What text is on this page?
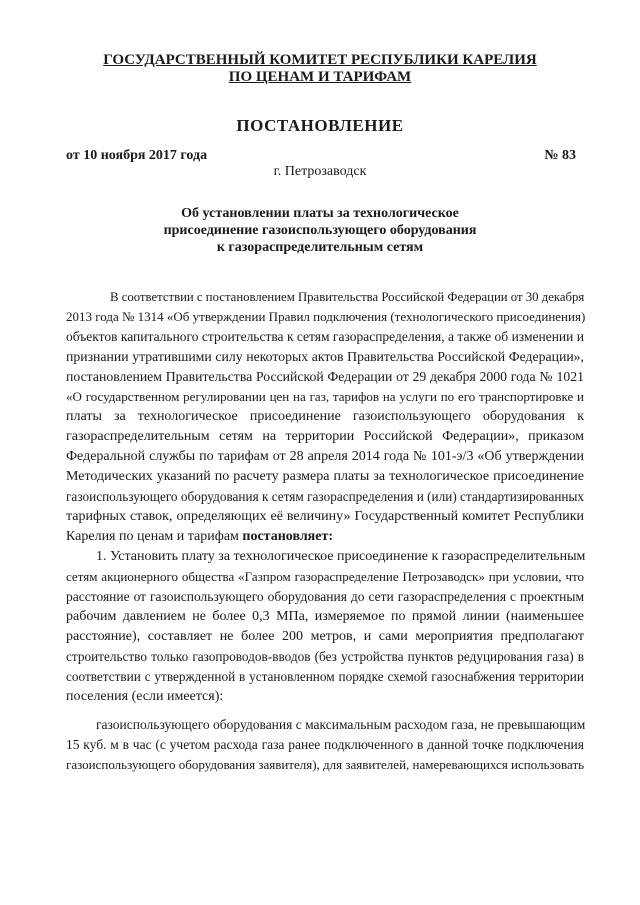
ГОСУДАРСТВЕННЫЙ КОМИТЕТ РЕСПУБЛИКИ КАРЕЛИЯ
ПО ЦЕНАМ И ТАРИФАМ
ПОСТАНОВЛЕНИЕ
от 10 ноября 2017 года	№ 83
г. Петрозаводск
Об установлении платы за технологическое
присоединение газоиспользующего оборудования
к газораспределительным сетям
В соответствии с постановлением Правительства Российской Федерации от 30 декабря
2013 года № 1314 «Об утверждении Правил подключения (технологического присоединения)
объектов капитального строительства к сетям газораспределения, а также об изменении и
признании утратившими силу некоторых актов Правительства Российской Федерации»,
постановлением Правительства Российской Федерации от 29 декабря 2000 года № 1021
«О государственном регулировании цен на газ, тарифов на услуги по его транспортировке и
платы за технологическое присоединение газоиспользующего оборудования к
газораспределительным сетям на территории Российской Федерации», приказом
Федеральной службы по тарифам от 28 апреля 2014 года № 101-э/3 «Об утверждении
Методических указаний по расчету размера платы за технологическое присоединение
газоиспользующего оборудования к сетям газораспределения и (или) стандартизированных
тарифных ставок, определяющих её величину» Государственный комитет Республики
Карелия по ценам и тарифам постановляет:
1. Установить плату за технологическое присоединение к газораспределительным
сетям акционерного общества «Газпром газораспределение Петрозаводск» при условии, что
расстояние от газоиспользующего оборудования до сети газораспределения с проектным
рабочим давлением не более 0,3 МПа, измеряемое по прямой линии (наименьшее
расстояние), составляет не более 200 метров, и сами мероприятия предполагают
строительство только газопроводов-вводов (без устройства пунктов редуцирования газа) в
соответствии с утвержденной в установленном порядке схемой газоснабжения территории
поселения (если имеется):
газоиспользующего оборудования с максимальным расходом газа, не превышающим
15 куб. м в час (с учетом расхода газа ранее подключенного в данной точке подключения
газоиспользующего оборудования заявителя), для заявителей, намеревающихся использовать
